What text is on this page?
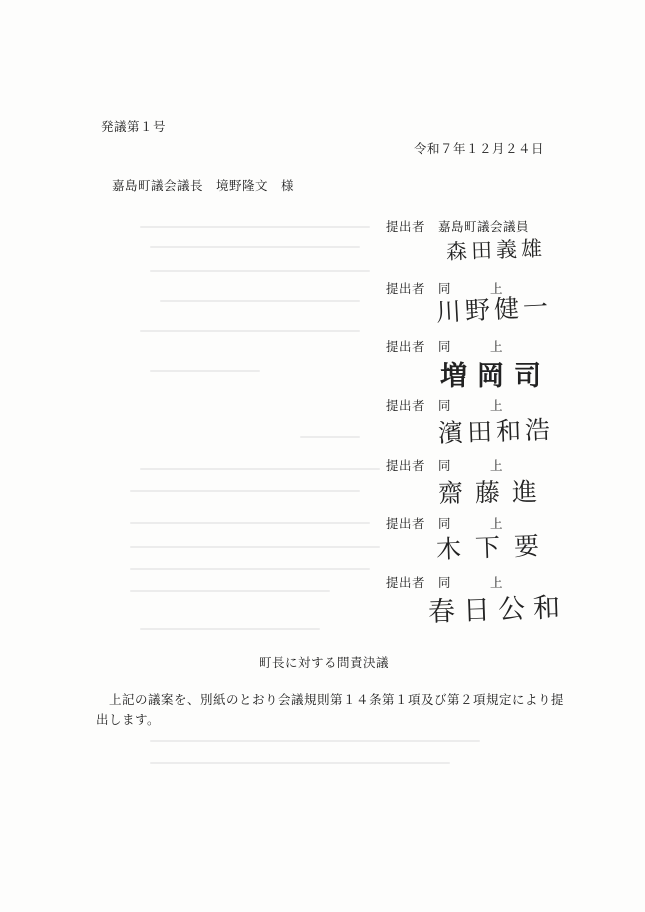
発議第１号
令和７年１２月２４日
嘉島町議会議長　境野隆文　様
提出者 嘉島町議会議員
森田義雄
提出者 同　　　上
川野健一
提出者 同　　　上
増岡司
提出者 同　　　上
濱田和浩
提出者 同　　　上
齋藤進
提出者 同　　　上
木下要
提出者 同　　　上
春日公和
町長に対する問責決議
　上記の議案を、別紙のとおり会議規則第１４条第１項及び第２項規定により提出します。
